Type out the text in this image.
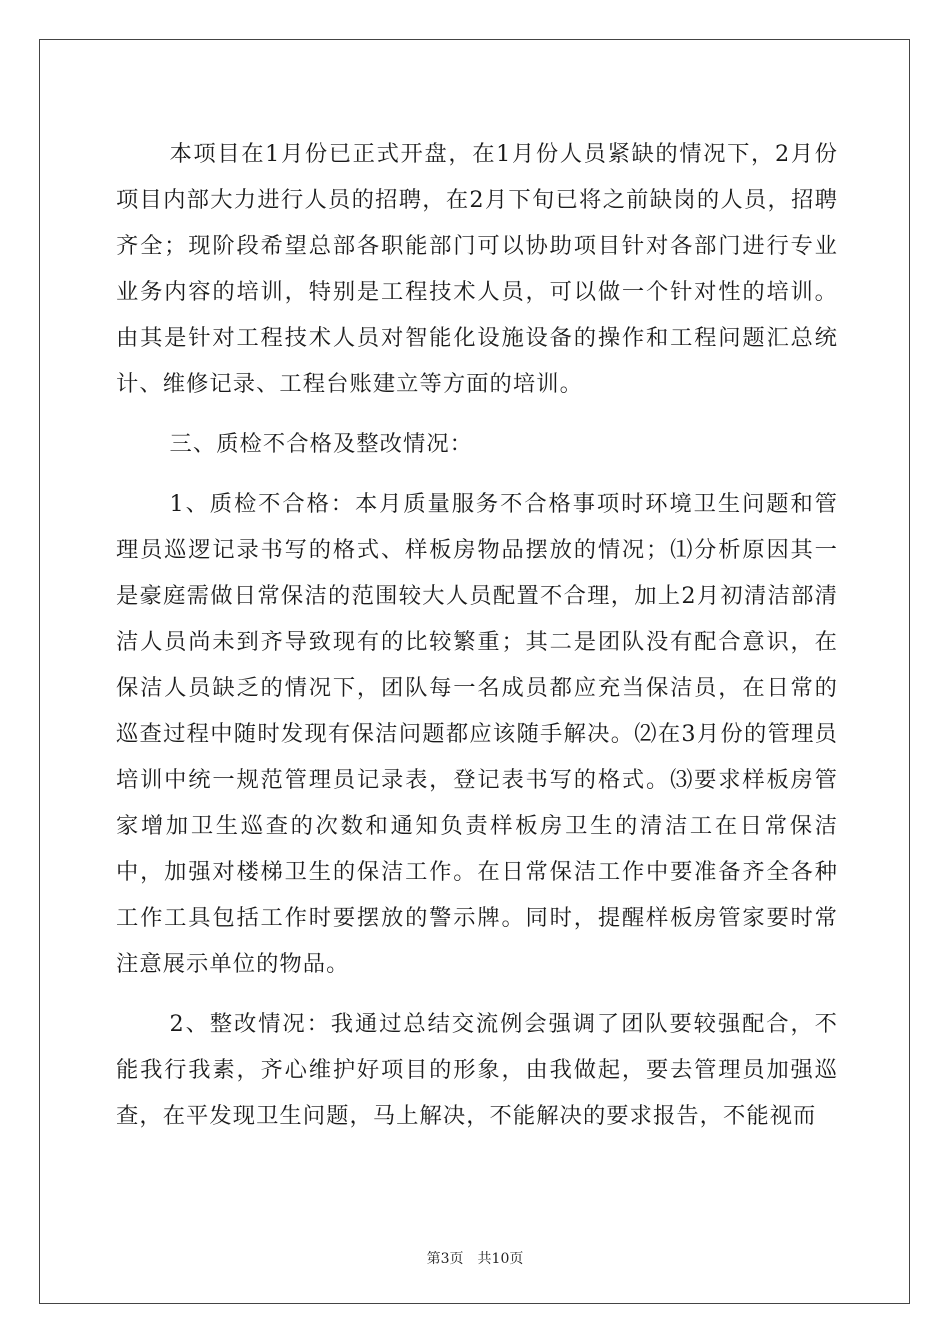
本项目在1月份已正式开盘，在1月份人员紧缺的情况下，2月份项目内部大力进行人员的招聘，在2月下旬已将之前缺岗的人员，招聘齐全；现阶段希望总部各职能部门可以协助项目针对各部门进行专业业务内容的培训，特别是工程技术人员，可以做一个针对性的培训。由其是针对工程技术人员对智能化设施设备的操作和工程问题汇总统计、维修记录、工程台账建立等方面的培训。

三、质检不合格及整改情况：

1、质检不合格：本月质量服务不合格事项时环境卫生问题和管理员巡逻记录书写的格式、样板房物品摆放的情况；⑴分析原因其一是豪庭需做日常保洁的范围较大人员配置不合理，加上2月初清洁部清洁人员尚未到齐导致现有的比较繁重；其二是团队没有配合意识，在保洁人员缺乏的情况下，团队每一名成员都应充当保洁员，在日常的巡查过程中随时发现有保洁问题都应该随手解决。⑵在3月份的管理员培训中统一规范管理员记录表，登记表书写的格式。⑶要求样板房管家增加卫生巡查的次数和通知负责样板房卫生的清洁工在日常保洁中，加强对楼梯卫生的保洁工作。在日常保洁工作中要准备齐全各种工作工具包括工作时要摆放的警示牌。同时，提醒样板房管家要时常注意展示单位的物品。

2、整改情况：我通过总结交流例会强调了团队要较强配合，不能我行我素，齐心维护好项目的形象，由我做起，要去管理员加强巡查，在平发现卫生问题，马上解决，不能解决的要求报告，不能视而

第3页　共10页
